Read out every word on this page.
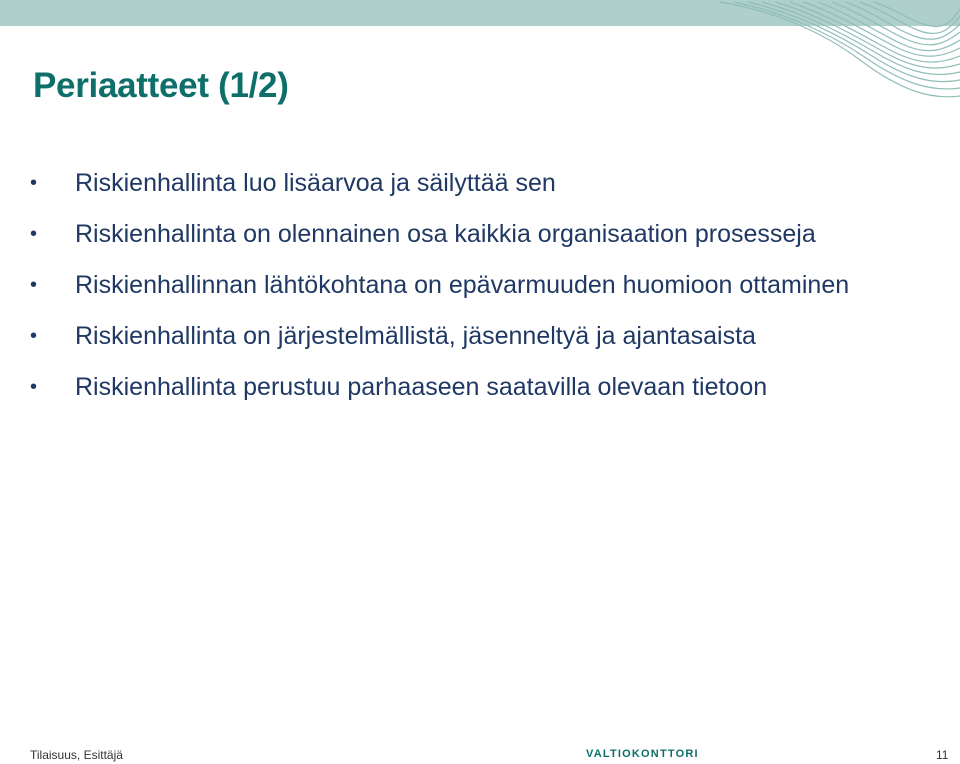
Periaatteet (1/2)
• Riskienhallinta luo lisäarvoa ja säilyttää sen
• Riskienhallinta on olennainen osa kaikkia organisaation prosesseja
• Riskienhallinnan lähtökohtana on epävarmuuden huomioon ottaminen
• Riskienhallinta on järjestelmällistä, jäsenneltyä ja ajantasaista
• Riskienhallinta perustuu parhaaseen saatavilla olevaan tietoon
Tilaisuus, Esittäjä	VALTIOKONTTORI	11
